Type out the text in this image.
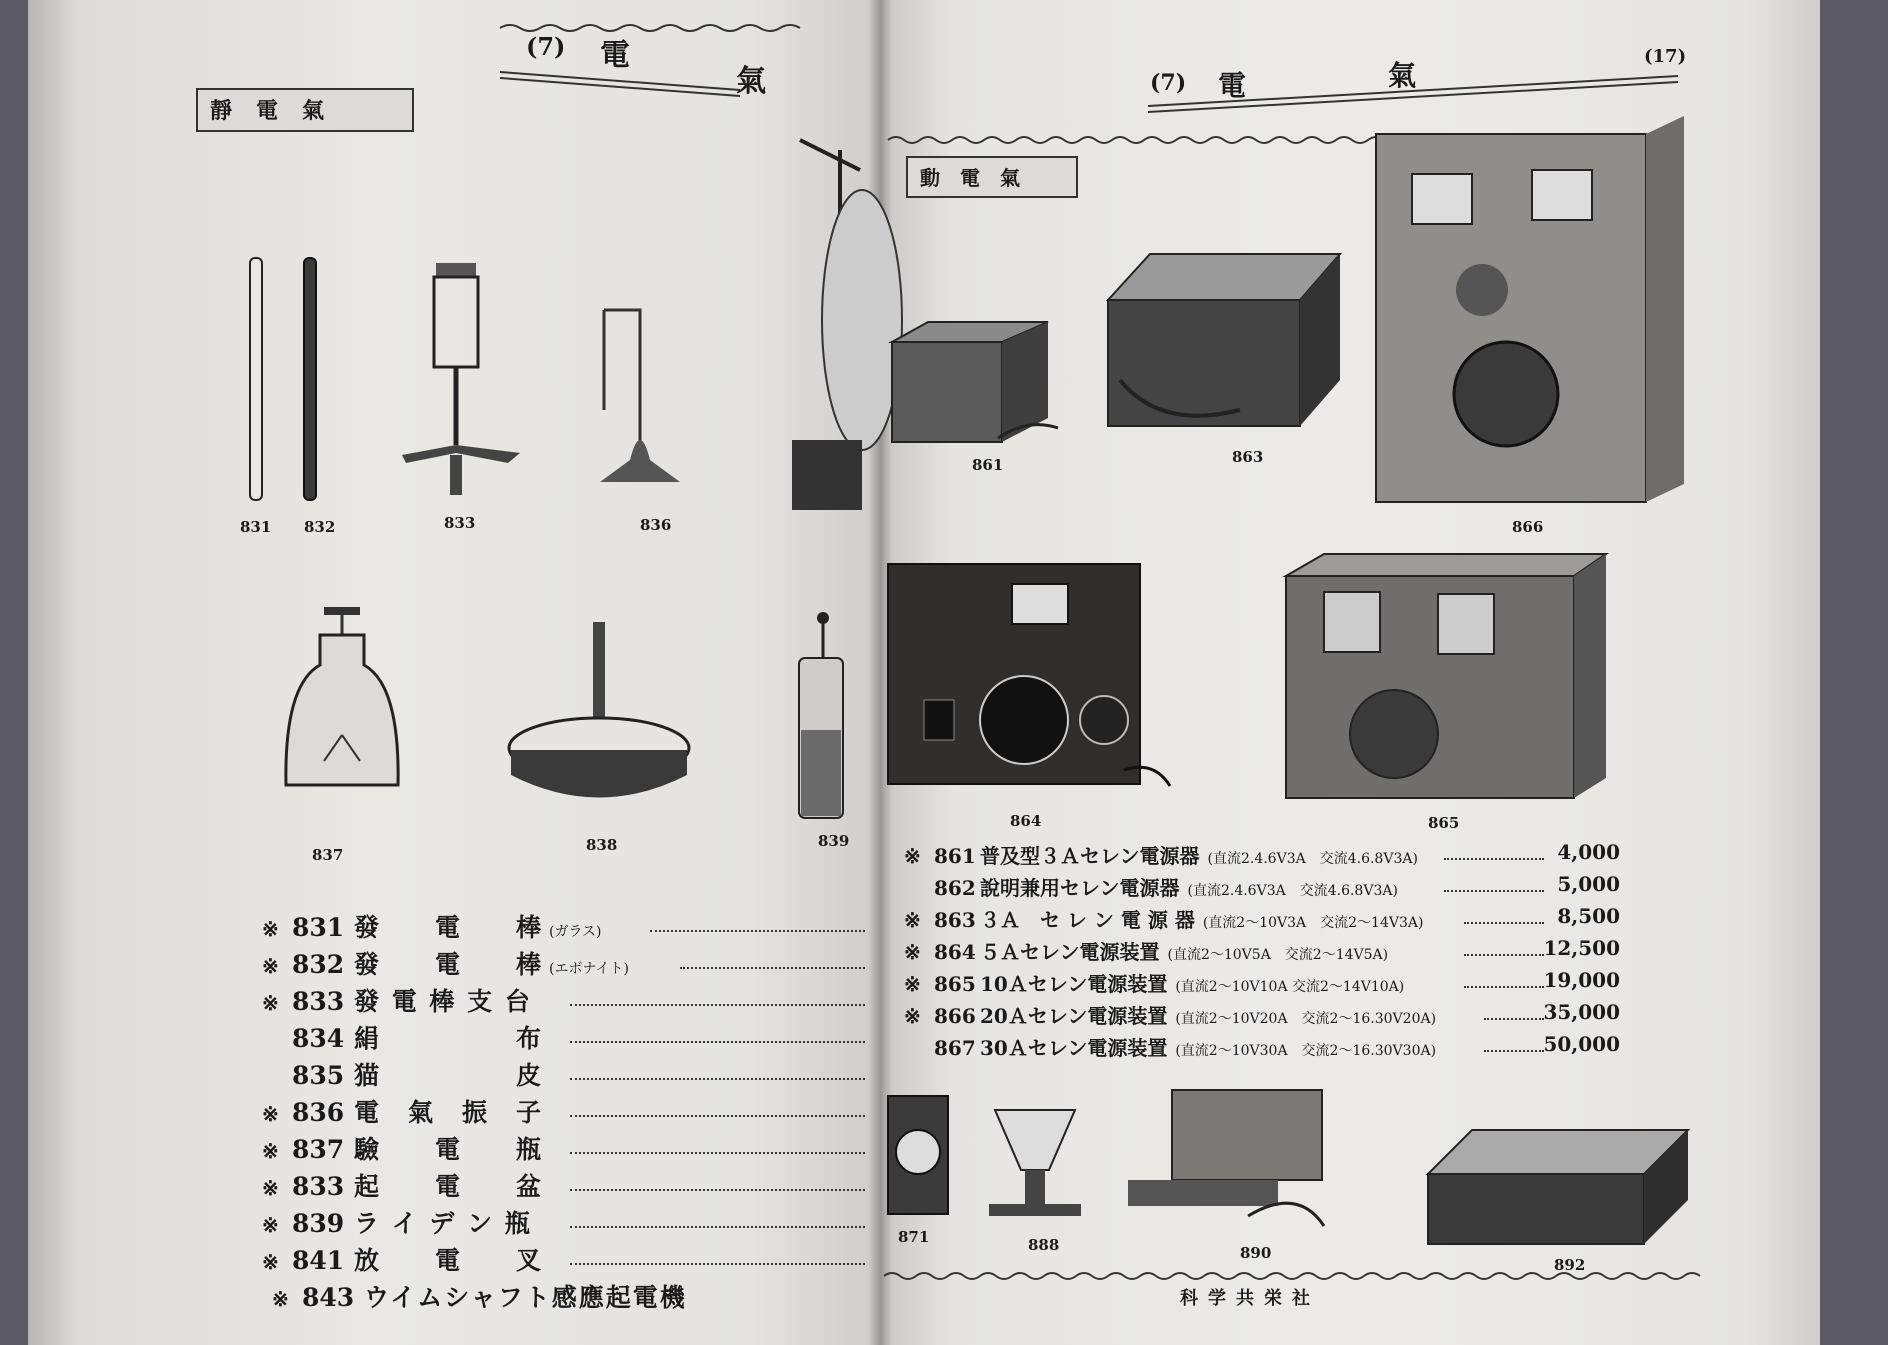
(7) 電
氣
靜電氣
831 832	833	836
837
838	839
※ 831 發　　電　　棒 (ガラス)
※ 832 發　　電　　棒 (エボナイト)
※ 833 發 電 棒 支 台
834 絹　　　　　布
835 猫　　　　　皮
※ 836 電　氣　振　子
※ 837 驗　　電　　瓶
※ 833 起　　電　　盆
※ 839 ラ イ デ ン 瓶
※ 841 放　　電　　叉
※ 843 ウイムシャフト感應起電機
(7) 電	氣
(17)
動電氣
861	863
866
864	865
871	888	890
892
※ 861 普及型３Ａセレン電源器 (直流2.4.6V3A　交流4.6.8V3A)	4,000
862 說明兼用セレン電源器 (直流2.4.6V3A　交流4.6.8V3A)	5,000
※ 863 ３Ａ　セ レ ン 電 源 器 (直流2～10V3A　交流2～14V3A)	8,500
※ 864 ５Ａセレン電源装置 (直流2～10V5A　交流2～14V5A)	12,500
※ 865 10Ａセレン電源装置 (直流2～10V10A 交流2～14V10A)	19,000
※ 866 20Ａセレン電源装置 (直流2～10V20A　交流2～16.30V20A)	35,000
867 30Ａセレン電源装置 (直流2～10V30A　交流2～16.30V30A)	50,000
科学共栄社
